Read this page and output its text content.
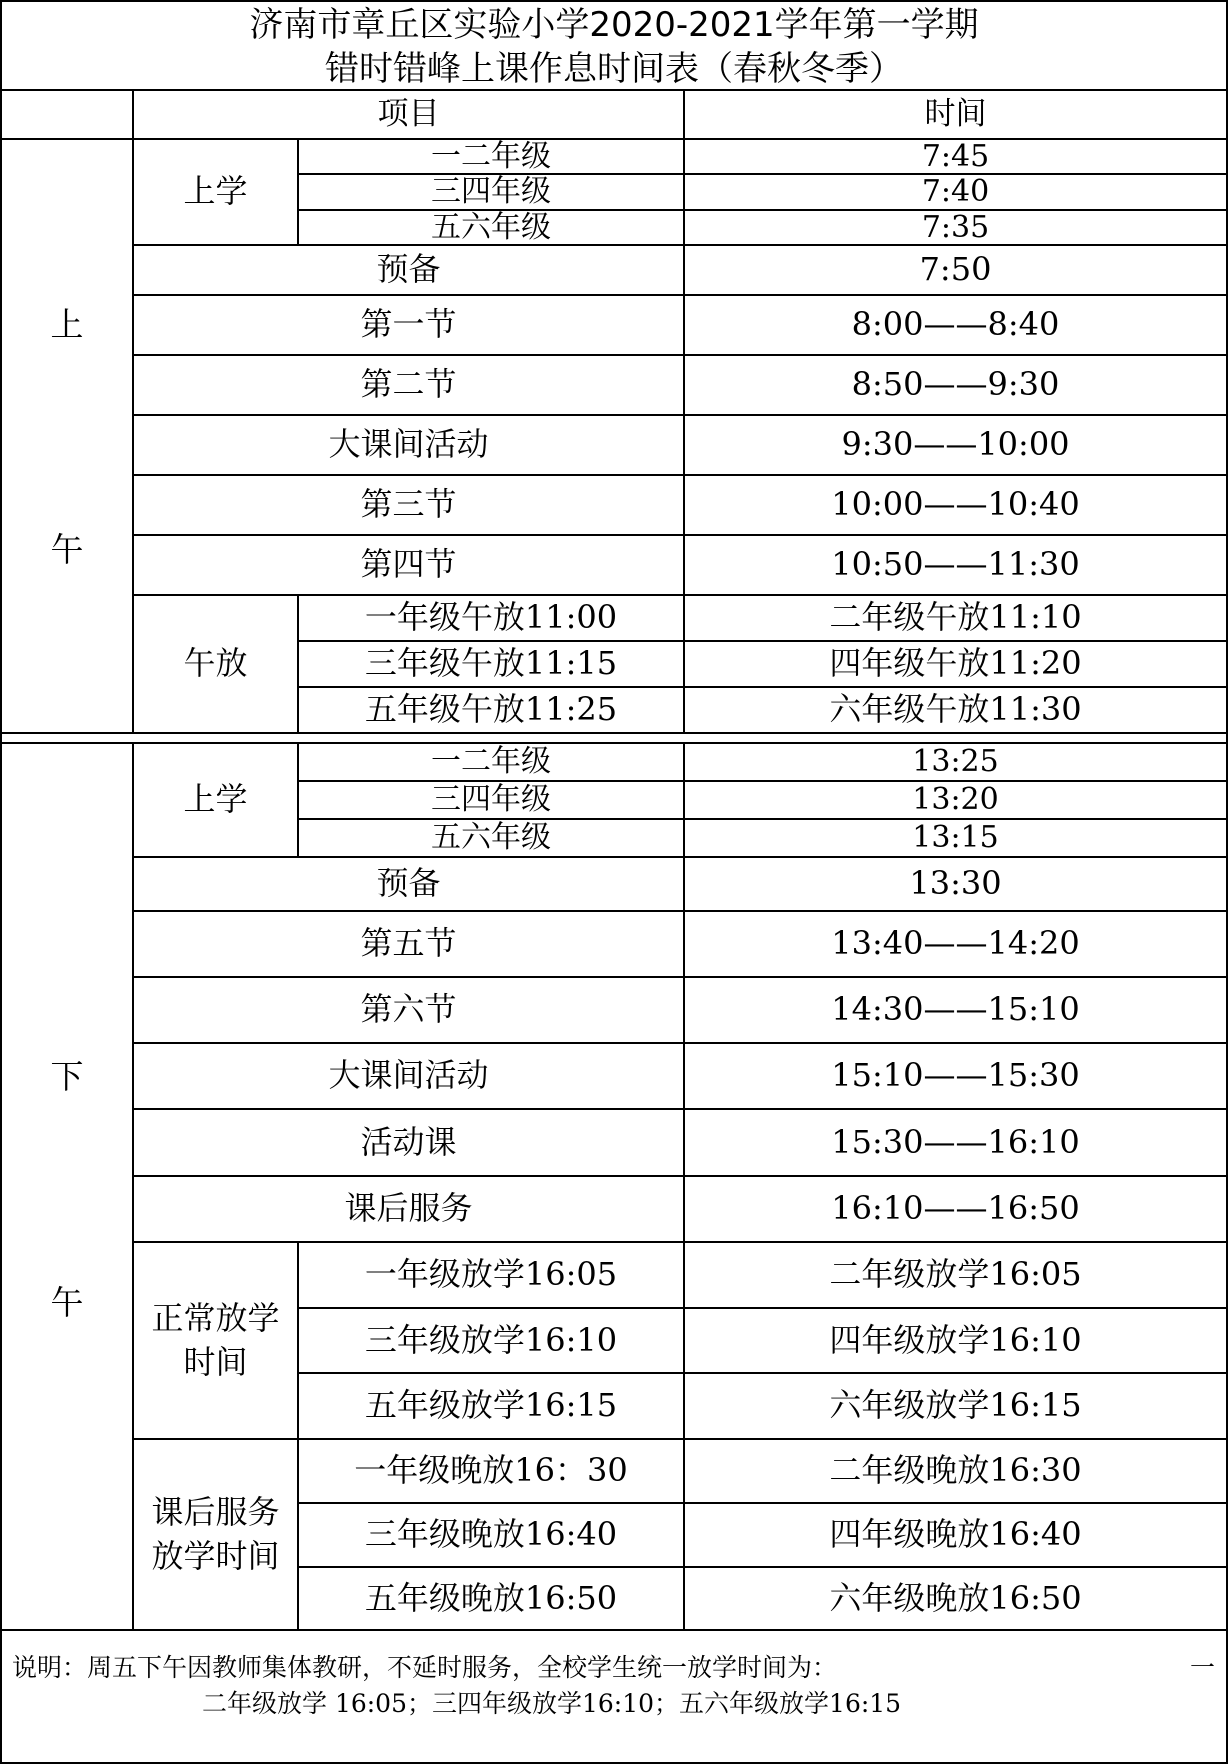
济南市章丘区实验小学2020-2021学年第一学期
错时错峰上课作息时间表（春秋冬季）
项目	时间
上
午
上学
一二年级	7:45
三四年级	7:40
五六年级	7:35
预备	7:50
第一节	8:00——8:40
第二节	8:50——9:30
大课间活动	9:30——10:00
第三节	10:00——10:40
第四节	10:50——11:30
午放
一年级午放11:00	二年级午放11:10
三年级午放11:15	四年级午放11:20
五年级午放11:25	六年级午放11:30
下
午
上学
一二年级	13:25
三四年级	13:20
五六年级	13:15
预备	13:30
第五节	13:40——14:20
第六节	14:30——15:10
大课间活动	15:10——15:30
活动课	15:30——16:10
课后服务	16:10——16:50
正常放学
时间
一年级放学16:05	二年级放学16:05
三年级放学16:10	四年级放学16:10
五年级放学16:15	六年级放学16:15
课后服务
放学时间
一年级晚放16：30	二年级晚放16:30
三年级晚放16:40	四年级晚放16:40
五年级晚放16:50	六年级晚放16:50
说明：周五下午因教师集体教研，不延时服务，全校学生统一放学时间为：	一
二年级放学 16:05；三四年级放学16:10；五六年级放学16:15
